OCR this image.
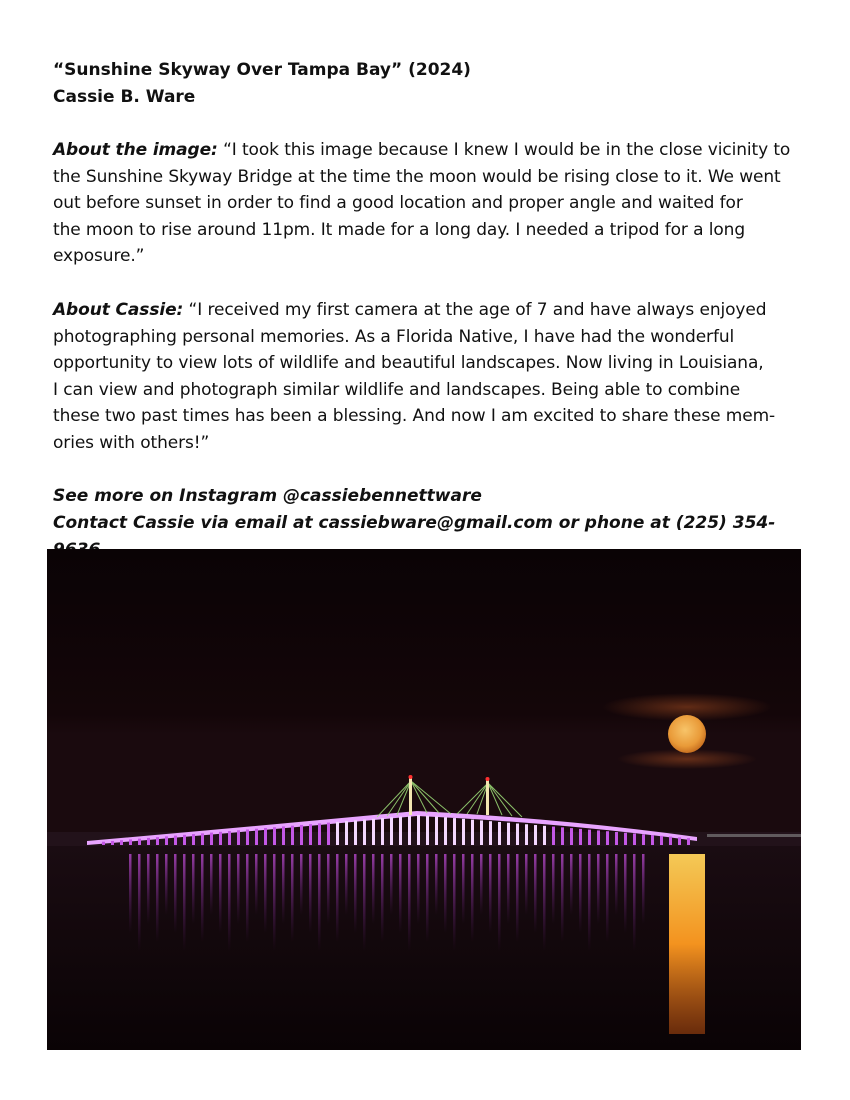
“Sunshine Skyway Over Tampa Bay” (2024)
Cassie B. Ware
About the image: “I took this image because I knew I would be in the close vicinity to
the Sunshine Skyway Bridge at the time the moon would be rising close to it. We went
out before sunset in order to find a good location and proper angle and waited for
the moon to rise around 11pm. It made for a long day. I needed a tripod for a long
exposure.”
About Cassie: “I received my first camera at the age of 7 and have always enjoyed
photographing personal memories. As a Florida Native, I have had the wonderful
opportunity to view lots of wildlife and beautiful landscapes. Now living in Louisiana,
I can view and photograph similar wildlife and landscapes. Being able to combine
these two past times has been a blessing. And now I am excited to share these mem-
ories with others!”
See more on Instagram @cassiebennettware
Contact Cassie via email at cassiebware@gmail.com or phone at (225) 354-
